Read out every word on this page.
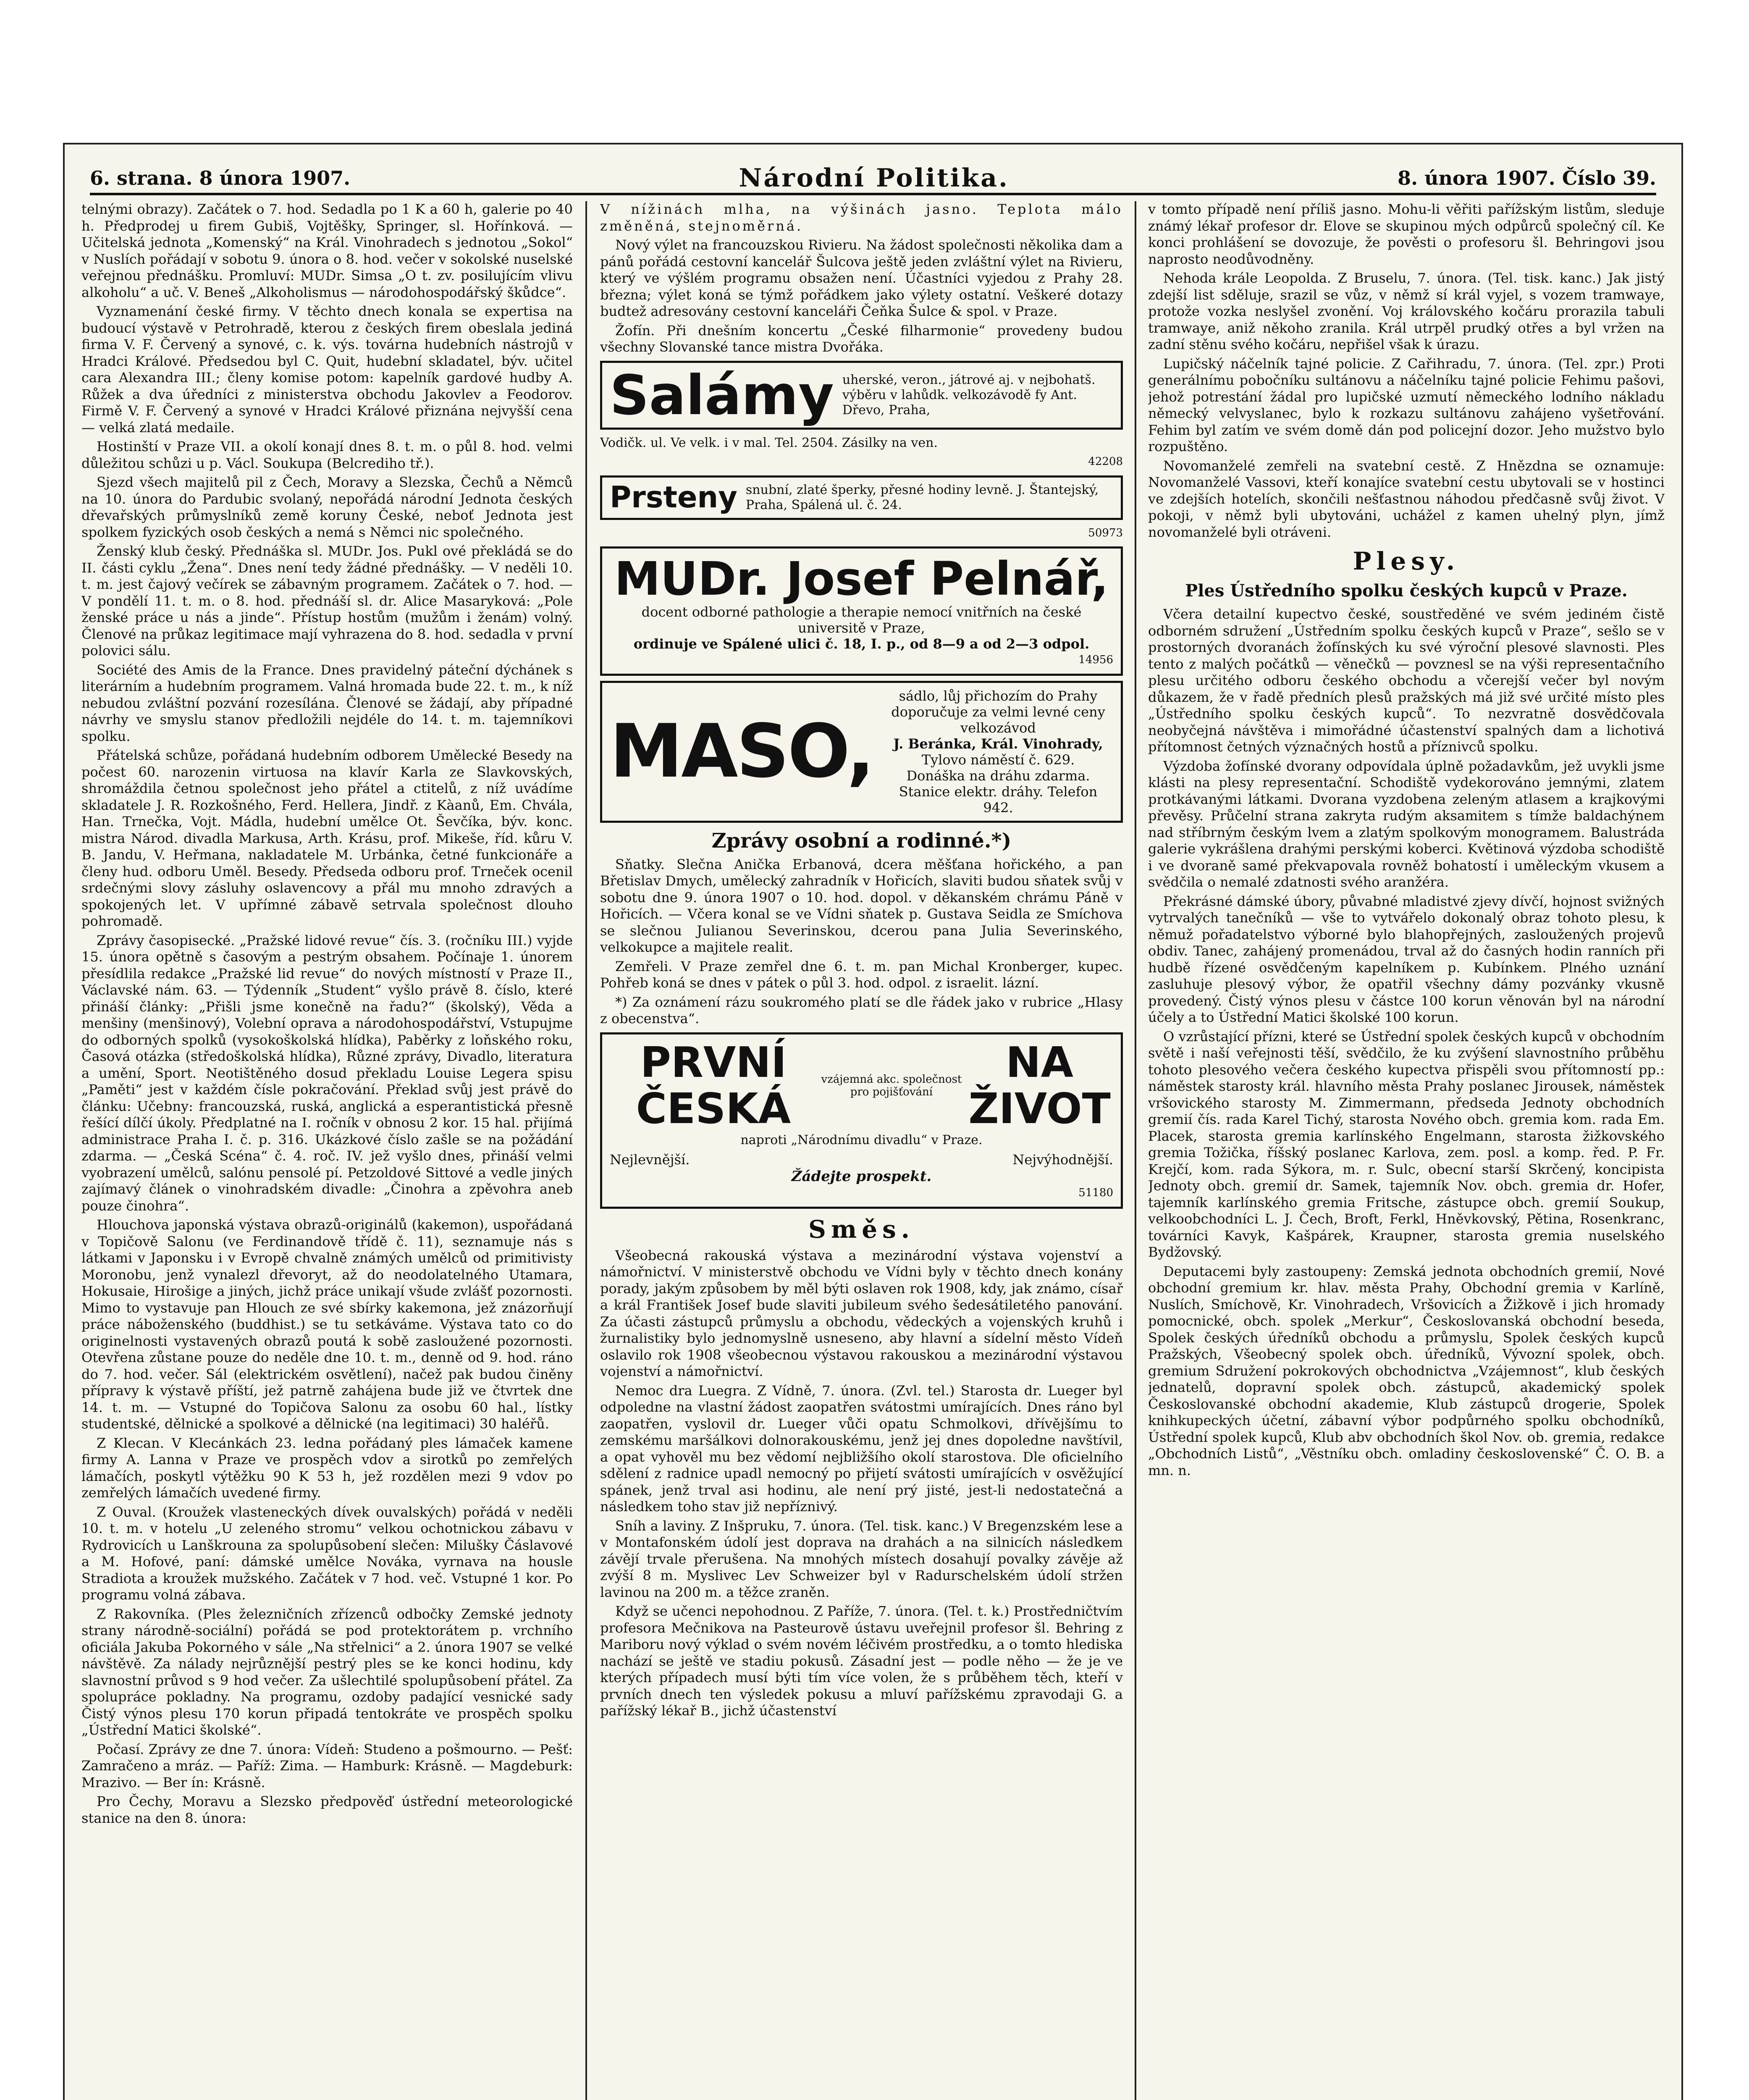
6. strana. 8 února 1907.	Národní Politika.	8. února 1907. Číslo 39.

telnými obrazy). Začátek o 7. hod. Sedadla po 1 K a 60 h, galerie po 40 h. Předprodej u firem Gubiš, Vojtěšky, Springer, sl. Hořínková. — Učitelská jednota „Komenský“ na Král. Vinohradech s jednotou „Sokol“ v Nuslích pořádají v sobotu 9. února o 8. hod. večer v sokolské nuselské veřejnou přednášku. Promluví: MUDr. Simsa „O t. zv. posilujícím vlivu alkoholu“ a uč. V. Beneš „Alkoholismus — národohospodářský škůdce“.

Vyznamenání české firmy. V těchto dnech konala se expertisa na budoucí výstavě v Petrohradě, kterou z českých firem obeslala jediná firma V. F. Červený a synové, c. k. výs. továrna hudebních nástrojů v Hradci Králové. Předsedou byl C. Quit, hudební skladatel, býv. učitel cara Alexandra III.; členy komise potom: kapelník gardové hudby A. Růžek a dva úředníci z ministerstva obchodu Jakovlev a Feodorov. Firmě V. F. Červený a synové v Hradci Králové přiznána nejvyšší cena — velká zlatá medaile.

Hostinští v Praze VII. a okolí konají dnes 8. t. m. o půl 8. hod. velmi důležitou schůzi u p. Václ. Soukupa (Belcrediho tř.).

Sjezd všech majitelů pil z Čech, Moravy a Slezska, Čechů a Němců na 10. února do Pardubic svolaný, nepořádá národní Jednota českých dřevařských průmyslníků země koruny České, neboť Jednota jest spolkem fyzických osob českých a nemá s Němci nic společného.

Ženský klub český. Přednáška sl. MUDr. Jos. Pukl ové překládá se do II. části cyklu „Žena“. Dnes není tedy žádné přednášky. — V neděli 10. t. m. jest čajový večírek se zábavným programem. Začátek o 7. hod. — V pondělí 11. t. m. o 8. hod. přednáší sl. dr. Alice Masaryková: „Pole ženské práce u nás a jinde“. Přístup hostům (mužům i ženám) volný. Členové na průkaz legitimace mají vyhrazena do 8. hod. sedadla v první polovici sálu.

Société des Amis de la France. Dnes pravidelný páteční dýchánek s literárním a hudebním programem. Valná hromada bude 22. t. m., k níž nebudou zvláštní pozvání rozesílána. Členové se žádají, aby případné návrhy ve smyslu stanov předložili nejdéle do 14. t. m. tajemníkovi spolku.

Přátelská schůze, pořádaná hudebním odborem Umělecké Besedy na počest 60. narozenin virtuosa na klavír Karla ze Slavkovských, shromáždila četnou společnost jeho přátel a ctitelů, z níž uvádíme skladatele J. R. Rozkošného, Ferd. Hellera, Jindř. z Kàanů, Em. Chvála, Han. Trnečka, Vojt. Mádla, hudební umělce Ot. Ševčíka, býv. konc. mistra Národ. divadla Markusa, Arth. Krásu, prof. Mikeše, říd. kůru V. B. Jandu, V. Heřmana, nakladatele M. Urbánka, četné funkcionáře a členy hud. odboru Uměl. Besedy. Předseda odboru prof. Trneček ocenil srdečnými slovy zásluhy oslavencovy a přál mu mnoho zdravých a spokojených let. V upřímné zábavě setrvala společnost dlouho pohromadě.

Zprávy časopisecké. „Pražské lidové revue“ čís. 3. (ročníku III.) vyjde 15. února opětně s časovým a pestrým obsahem. Počínaje 1. únorem přesídlila redakce „Pražské lid revue“ do nových místností v Praze II., Václavské nám. 63. — Týdenník „Student“ vyšlo právě 8. číslo, které přináší články: „Přišli jsme konečně na řadu?“ (školský), Věda a menšiny (menšinový), Volební oprava a národohospodářství, Vstupujme do odborných spolků (vysokoškolská hlídka), Paběrky z loňského roku, Časová otázka (středoškolská hlídka), Různé zprávy, Divadlo, literatura a umění, Sport. Neotištěného dosud překladu Louise Legera spisu „Paměti“ jest v každém čísle pokračování. Překlad svůj jest právě do článku: Učebny: francouzská, ruská, anglická a esperantistická přesně řešící dílčí úkoly. Předplatné na I. ročník v obnosu 2 kor. 15 hal. přijímá administrace Praha I. č. p. 316. Ukázkové číslo zašle se na požádání zdarma. — „Česká Scéna“ č. 4. roč. IV. jež vyšlo dnes, přináší velmi vyobrazení umělců, salónu pensolé pí. Petzoldové Sittové a vedle jiných zajímavý článek o vinohradském divadle: „Činohra a zpěvohra aneb pouze činohra“.

Hlouchova japonská výstava obrazů-originálů (kakemon), uspořádaná v Topičově Salonu (ve Ferdinandově třídě č. 11), seznamuje nás s látkami v Japonsku i v Evropě chvalně známých umělců od primitivisty Moronobu, jenž vynalezl dřevoryt, až do neodolatelného Utamara, Hokusaie, Hirošige a jiných, jichž práce unikají všude zvlášť pozornosti. Mimo to vystavuje pan Hlouch ze své sbírky kakemona, jež znázorňují práce náboženského (buddhist.) se tu setkáváme. Výstava tato co do originelnosti vystavených obrazů poutá k sobě zasloužené pozornosti. Otevřena zůstane pouze do neděle dne 10. t. m., denně od 9. hod. ráno do 7. hod. večer. Sál (elektrickém osvětlení), načež pak budou činěny přípravy k výstavě příští, jež patrně zahájena bude již ve čtvrtek dne 14. t. m. — Vstupné do Topičova Salonu za osobu 60 hal., lístky studentské, dělnické a spolkové a dělnické (na legitimaci) 30 haléřů.

Z Klecan. V Klecánkách 23. ledna pořádaný ples lámaček kamene firmy A. Lanna v Praze ve prospěch vdov a sirotků po zemřelých lámačích, poskytl výtěžku 90 K 53 h, jež rozdělen mezi 9 vdov po zemřelých lámačích uvedené firmy.

Z Ouval. (Kroužek vlasteneckých dívek ouvalských) pořádá v neděli 10. t. m. v hotelu „U zeleného stromu“ velkou ochotnickou zábavu v Rydrovicích u Lanškrouna za spolupůsobení slečen: Milušky Čáslavové a M. Hofové, paní: dámské umělce Nováka, vyrnava na housle Stradiota a kroužek mužského. Začátek v 7 hod. več. Vstupné 1 kor. Po programu volná zábava.

Z Rakovníka. (Ples železničních zřízenců odbočky Zemské jednoty strany národně-sociální) pořádá se pod protektorátem p. vrchního oficiála Jakuba Pokorného v sále „Na střelnici“ a 2. února 1907 se velké návštěvě. Za nálady nejrůznější pestrý ples se ke konci hodinu, kdy slavnostní průvod s 9 hod večer. Za ušlechtilé spolupůsobení přátel. Za spolupráce pokladny. Na programu, ozdoby padající vesnické sady Čistý výnos plesu 170 korun připadá tentokráte ve prospěch spolku „Ústřední Matici školské“.

Počasí. Zprávy ze dne 7. února: Vídeň: Studeno a pošmourno. — Pešť: Zamračeno a mráz. — Paříž: Zima. — Hamburk: Krásně. — Magdeburk: Mrazivo. — Ber ín: Krásně.

Pro Čechy, Moravu a Slezsko předpověď ústřední meteorologické stanice na den 8. února:

V nížinách mlha, na výšinách jasno. Teplota málo změněná, stejnoměrná.

Nový výlet na francouzskou Rivieru. Na žádost společnosti několika dam a pánů pořádá cestovní kancelář Šulcova ještě jeden zvláštní výlet na Rivieru, který ve výšlém programu obsažen není. Účastníci vyjedou z Prahy 28. března; výlet koná se týmž pořádkem jako výlety ostatní. Veškeré dotazy budtež adresovány cestovní kanceláři Čeňka Šulce & spol. v Praze.

Žofín. Při dnešním koncertu „České filharmonie“ provedeny budou všechny Slovanské tance mistra Dvořáka.

Salámy uherské, veron., játrové aj. v nejbohatš. výběru v lahůdk. velkozávodě fy Ant. Dřevo, Praha,

Vodičk. ul. Ve velk. i v mal. Tel. 2504. Zásilky na ven.

42208

Prsteny snubní, zlaté šperky, přesné hodiny levně. J. Štantejský, Praha, Spálená ul. č. 24.

50973

MUDr. Josef Pelnář,
docent odborné pathologie a therapie nemocí vnitřních na české universitě v Praze,
ordinuje ve Spálené ulici č. 18, I. p., od 8—9 a od 2—3 odpol.
14956
MASO,
sádlo, lůj přichozím do Prahy doporučuje za velmi levné ceny velkozávod
J. Beránka, Král. Vinohrady,
Tylovo náměstí č. 629.
Donáška na dráhu zdarma. Stanice elektr. dráhy. Telefon 942.
Zprávy osobní a rodinné.*)

Sňatky. Slečna Anička Erbanová, dcera měšťana hořického, a pan Břetislav Dmych, umělecký zahradník v Hořicích, slaviti budou sňatek svůj v sobotu dne 9. února 1907 o 10. hod. dopol. v děkanském chrámu Páně v Hořicích. — Včera konal se ve Vídni sňatek p. Gustava Seidla ze Smíchova se slečnou Julianou Severinskou, dcerou pana Julia Severinského, velkokupce a majitele realit.

Zemřeli. V Praze zemřel dne 6. t. m. pan Michal Kronberger, kupec. Pohřeb koná se dnes v pátek o půl 3. hod. odpol. z israelit. lázní.

*) Za oznámení rázu soukromého platí se dle řádek jako v rubrice „Hlasy z obecenstva“.

PRVNÍ ČESKÁ
vzájemná akc. společnost pro pojišťování
NA ŽIVOT
naproti „Národnímu divadlu“ v Praze.
Nejlevnější.	Nejvýhodnější.
Žádejte prospekt.
51180
Směs.

Všeobecná rakouská výstava a mezinárodní výstava vojenství a námořnictví. V ministerstvě obchodu ve Vídni byly v těchto dnech konány porady, jakým způsobem by měl býti oslaven rok 1908, kdy, jak známo, císař a král František Josef bude slaviti jubileum svého šedesátiletého panování. Za účasti zástupců průmyslu a obchodu, vědeckých a vojenských kruhů i žurnalistiky bylo jednomyslně usneseno, aby hlavní a sídelní město Vídeň oslavilo rok 1908 všeobecnou výstavou rakouskou a mezinárodní výstavou vojenství a námořnictví.

Nemoc dra Luegra. Z Vídně, 7. února. (Zvl. tel.) Starosta dr. Lueger byl odpoledne na vlastní žádost zaopatřen svátostmi umírajících. Dnes ráno byl zaopatřen, vyslovil dr. Lueger vůči opatu Schmolkovi, dřívějšímu to zemskému maršálkovi dolnorakouskému, jenž jej dnes dopoledne navštívil, a opat vyhověl mu bez vědomí nejbližšího okolí starostova. Dle oficielního sdělení z radnice upadl nemocný po přijetí svátosti umírajících v osvěžující spánek, jenž trval asi hodinu, ale není prý jisté, jest-li nedostatečná a následkem toho stav již nepříznivý.

Sníh a laviny. Z Inšpruku, 7. února. (Tel. tisk. kanc.) V Bregenzském lese a v Montafonském údolí jest doprava na drahách a na silnicích následkem závějí trvale přerušena. Na mnohých místech dosahují povalky závěje až zvýší 8 m. Myslivec Lev Schweizer byl v Radurschelském údolí stržen lavinou na 200 m. a těžce zraněn.

Když se učenci nepohodnou. Z Paříže, 7. února. (Tel. t. k.) Prostředničtvím profesora Mečnikova na Pasteurově ústavu uveřejnil profesor šl. Behring z Mariboru nový výklad o svém novém léčivém prostředku, a o tomto hlediska nachází se ještě ve stadiu pokusů. Zásadní jest — podle něho — že je ve kterých případech musí býti tím více volen, že s průběhem těch, kteří v prvních dnech ten výsledek pokusu a mluví pařížskému zpravodaji G. a pařížský lékař B., jichž účastenství

v tomto případě není příliš jasno. Mohu-li věřiti pařížským listům, sleduje známý lékař profesor dr. Elove se skupinou mých odpůrců společný cíl. Ke konci prohlášení se dovozuje, že pověsti o profesoru šl. Behringovi jsou naprosto neodůvodněny.

Nehoda krále Leopolda. Z Bruselu, 7. února. (Tel. tisk. kanc.) Jak jistý zdejší list sděluje, srazil se vůz, v němž sí král vyjel, s vozem tramwaye, protože vozka neslyšel zvonění. Voj královského kočáru prorazila tabuli tramwaye, aniž někoho zranila. Král utrpěl prudký otřes a byl vržen na zadní stěnu svého kočáru, nepřišel však k úrazu.

Lupičský náčelník tajné policie. Z Cařihradu, 7. února. (Tel. zpr.) Proti generálnímu pobočníku sultánovu a náčelníku tajné policie Fehimu pašovi, jehož potrestání žádal pro lupičské uzmutí německého lodního nákladu německý velvyslanec, bylo k rozkazu sultánovu zahájeno vyšetřování. Fehim byl zatím ve svém domě dán pod policejní dozor. Jeho mužstvo bylo rozpuštěno.

Novomanželé zemřeli na svatební cestě. Z Hnězdna se oznamuje: Novomanželé Vassovi, kteří konajíce svatební cestu ubytovali se v hostinci ve zdejších hotelích, skončili nešťastnou náhodou předčasně svůj život. V pokoji, v němž byli ubytováni, uchážel z kamen uhelný plyn, jímž novomanželé byli otráveni.

Plesy.
Ples Ústředního spolku českých kupců v Praze.

Včera detailní kupectvo české, soustředěné ve svém jediném čistě odborném sdružení „Ústředním spolku českých kupců v Praze“, sešlo se v prostorných dvoranách žofínských ku své výroční plesové slavnosti. Ples tento z malých počátků — věnečků — povznesl se na výši representačního plesu určitého odboru českého obchodu a včerejší večer byl novým důkazem, že v řadě předních plesů pražských má již své určité místo ples „Ústředního spolku českých kupců“. To nezvratně dosvědčovala neobyčejná návštěva i mimořádné účastenství spalných dam a lichotivá přítomnost četných význačných hostů a příznivců spolku.

Výzdoba žofínské dvorany odpovídala úplně požadavkům, jež uvykli jsme klásti na plesy representační. Schodiště vydekorováno jemnými, zlatem protkávanými látkami. Dvorana vyzdobena zeleným atlasem a krajkovými převěsy. Průčelní strana zakryta rudým aksamitem s tímže baldachýnem nad stříbrným českým lvem a zlatým spolkovým monogramem. Balustráda galerie vykrášlena drahými perskými koberci. Květinová výzdoba schodiště i ve dvoraně samé překvapovala rovněž bohatostí i uměleckým vkusem a svědčila o nemalé zdatnosti svého aranžéra.

Překrásné dámské úbory, půvabné mladistvé zjevy dívčí, hojnost svižných vytrvalých tanečníků — vše to vytvářelo dokonalý obraz tohoto plesu, k němuž pořadatelstvo výborné bylo blahopřejných, zasloužených projevů obdiv. Tanec, zahájený promenádou, trval až do časných hodin ranních při hudbě řízené osvědčeným kapelníkem p. Kubínkem. Plného uznání zasluhuje plesový výbor, že opatřil všechny dámy pozvánky vkusně provedený. Čistý výnos plesu v částce 100 korun věnován byl na národní účely a to Ústřední Matici školské 100 korun.

O vzrůstající přízni, které se Ústřední spolek českých kupců v obchodním světě i naší veřejnosti těší, svědčilo, že ku zvýšení slavnostního průběhu tohoto plesového večera českého kupectva přispěli svou přítomností pp.: náměstek starosty král. hlavního města Prahy poslanec Jirousek, náměstek vršovického starosty M. Zimmermann, předseda Jednoty obchodních gremií čís. rada Karel Tichý, starosta Nového obch. gremia kom. rada Em. Placek, starosta gremia karlínského Engelmann, starosta žižkovského gremia Tožička, říšský poslanec Karlova, zem. posl. a komp. řed. P. Fr. Krejčí, kom. rada Sýkora, m. r. Sulc, obecní starší Skrčený, koncipista Jednoty obch. gremií dr. Samek, tajemník Nov. obch. gremia dr. Hofer, tajemník karlínského gremia Fritsche, zástupce obch. gremií Soukup, velkoobchodníci L. J. Čech, Broft, Ferkl, Hněvkovský, Pětina, Rosenkranc, továrníci Kavyk, Kašpárek, Kraupner, starosta gremia nuselského Bydžovský.

Deputacemi byly zastoupeny: Zemská jednota obchodních gremií, Nové obchodní gremium kr. hlav. města Prahy, Obchodní gremia v Karlíně, Nuslích, Smíchově, Kr. Vinohradech, Vršovicích a Žižkově i jich hromady pomocnické, obch. spolek „Merkur“, Českoslovanská obchodní beseda, Spolek českých úředníků obchodu a průmyslu, Spolek českých kupců Pražských, Všeobecný spolek obch. úředníků, Vývozní spolek, obch. gremium Sdružení pokrokových obchodnictva „Vzájemnost“, klub českých jednatelů, dopravní spolek obch. zástupců, akademický spolek Českoslovanské obchodní akademie, Klub zástupců drogerie, Spolek knihkupeckých účetní, zábavní výbor podpůrného spolku obchodníků, Ústřední spolek kupců, Klub abv obchodních škol Nov. ob. gremia, redakce „Obchodních Listů“, „Věstníku obch. omladiny československé“ Č. O. B. a mn. n.
